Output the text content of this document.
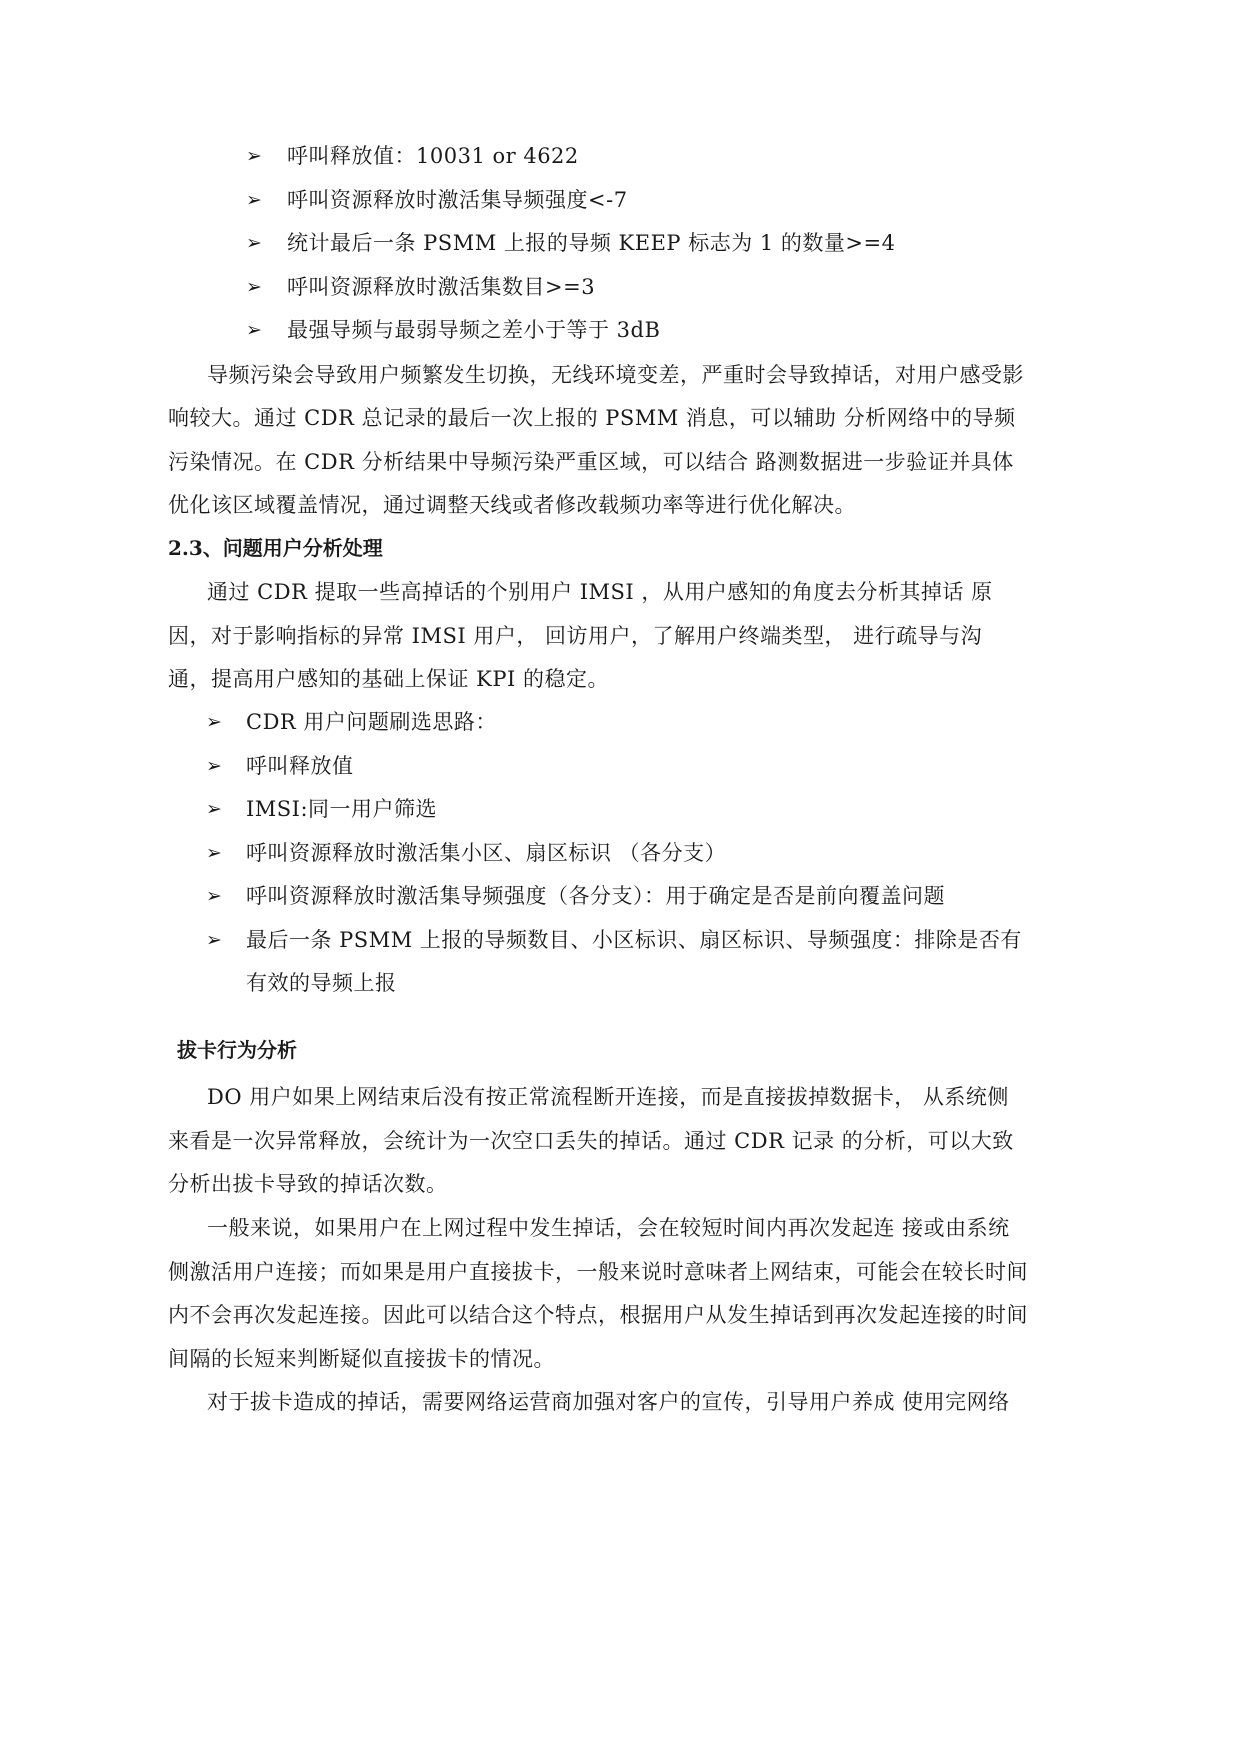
➢ 呼叫释放值：10031 or 4622
➢ 呼叫资源释放时激活集导频强度<-7
➢ 统计最后一条 PSMM 上报的导频 KEEP 标志为 1 的数量>=4
➢ 呼叫资源释放时激活集数目>=3
➢ 最强导频与最弱导频之差小于等于 3dB
导频污染会导致用户频繁发生切换，无线环境变差，严重时会导致掉话，对用户感受影
响较大。通过 CDR 总记录的最后一次上报的 PSMM 消息，可以辅助 分析网络中的导频
污染情况。在 CDR 分析结果中导频污染严重区域，可以结合 路测数据进一步验证并具体
优化该区域覆盖情况，通过调整天线或者修改载频功率等进行优化解决。
2.3、问题用户分析处理
通过 CDR 提取一些高掉话的个别用户 IMSI ，从用户感知的角度去分析其掉话 原
因，对于影响指标的异常 IMSI 用户， 回访用户，了解用户终端类型， 进行疏导与沟
通，提高用户感知的基础上保证 KPI 的稳定。
➢ CDR 用户问题刷选思路：
➢ 呼叫释放值
➢ IMSI:同一用户筛选
➢ 呼叫资源释放时激活集小区、扇区标识 （各分支）
➢ 呼叫资源释放时激活集导频强度（各分支）：用于确定是否是前向覆盖问题
➢ 最后一条 PSMM 上报的导频数目、小区标识、扇区标识、导频强度：排除是否有
有效的导频上报
拔卡行为分析
DO 用户如果上网结束后没有按正常流程断开连接，而是直接拔掉数据卡， 从系统侧
来看是一次异常释放，会统计为一次空口丢失的掉话。通过 CDR 记录 的分析，可以大致
分析出拔卡导致的掉话次数。
一般来说，如果用户在上网过程中发生掉话，会在较短时间内再次发起连 接或由系统
侧激活用户连接；而如果是用户直接拔卡，一般来说时意味者上网结束，可能会在较长时间
内不会再次发起连接。因此可以结合这个特点，根据用户从发生掉话到再次发起连接的时间
间隔的长短来判断疑似直接拔卡的情况。
对于拔卡造成的掉话，需要网络运营商加强对客户的宣传，引导用户养成 使用完网络
